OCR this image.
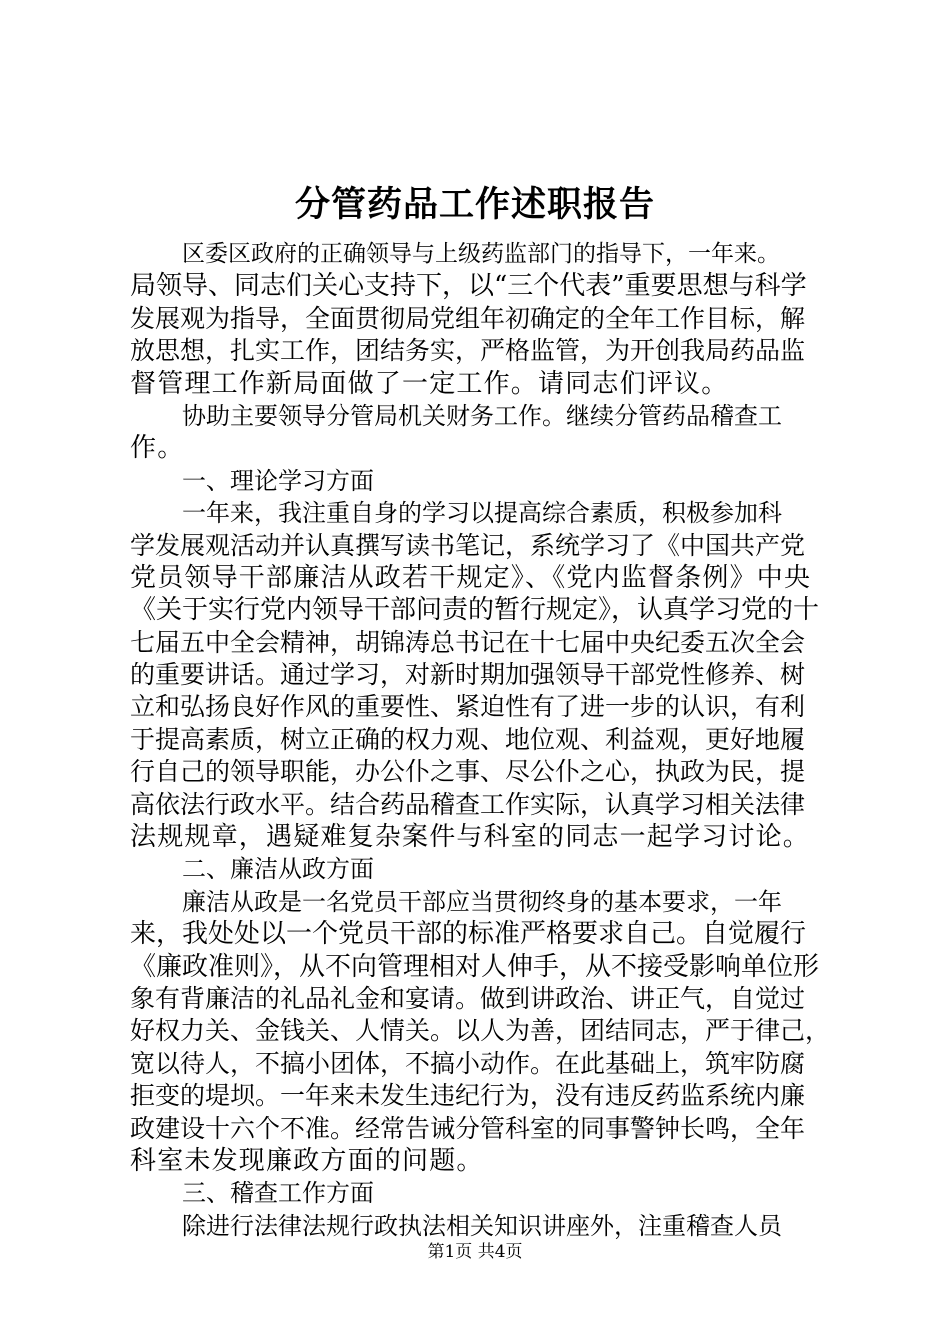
分管药品工作述职报告
区委区政府的正确领导与上级药监部门的指导下，一年来。
局领导、同志们关心支持下，以“三个代表”重要思想与科学
发展观为指导，全面贯彻局党组年初确定的全年工作目标，解
放思想，扎实工作，团结务实，严格监管，为开创我局药品监
督管理工作新局面做了一定工作。请同志们评议。
协助主要领导分管局机关财务工作。继续分管药品稽查工
作。
一、理论学习方面
一年来，我注重自身的学习以提高综合素质，积极参加科
学发展观活动并认真撰写读书笔记，系统学习了《中国共产党
党员领导干部廉洁从政若干规定》、《党内监督条例》中央
《关于实行党内领导干部问责的暂行规定》，认真学习党的十
七届五中全会精神，胡锦涛总书记在十七届中央纪委五次全会
的重要讲话。通过学习，对新时期加强领导干部党性修养、树
立和弘扬良好作风的重要性、紧迫性有了进一步的认识，有利
于提高素质，树立正确的权力观、地位观、利益观，更好地履
行自己的领导职能，办公仆之事、尽公仆之心，执政为民，提
高依法行政水平。结合药品稽查工作实际，认真学习相关法律
法规规章，遇疑难复杂案件与科室的同志一起学习讨论。
二、廉洁从政方面
廉洁从政是一名党员干部应当贯彻终身的基本要求，一年
来，我处处以一个党员干部的标准严格要求自己。自觉履行
《廉政准则》，从不向管理相对人伸手，从不接受影响单位形
象有背廉洁的礼品礼金和宴请。做到讲政治、讲正气，自觉过
好权力关、金钱关、人情关。以人为善，团结同志，严于律己，
宽以待人，不搞小团体，不搞小动作。在此基础上，筑牢防腐
拒变的堤坝。一年来未发生违纪行为，没有违反药监系统内廉
政建设十六个不准。经常告诫分管科室的同事警钟长鸣，全年
科室未发现廉政方面的问题。
三、稽查工作方面
除进行法律法规行政执法相关知识讲座外，注重稽查人员
第1页 共4页
